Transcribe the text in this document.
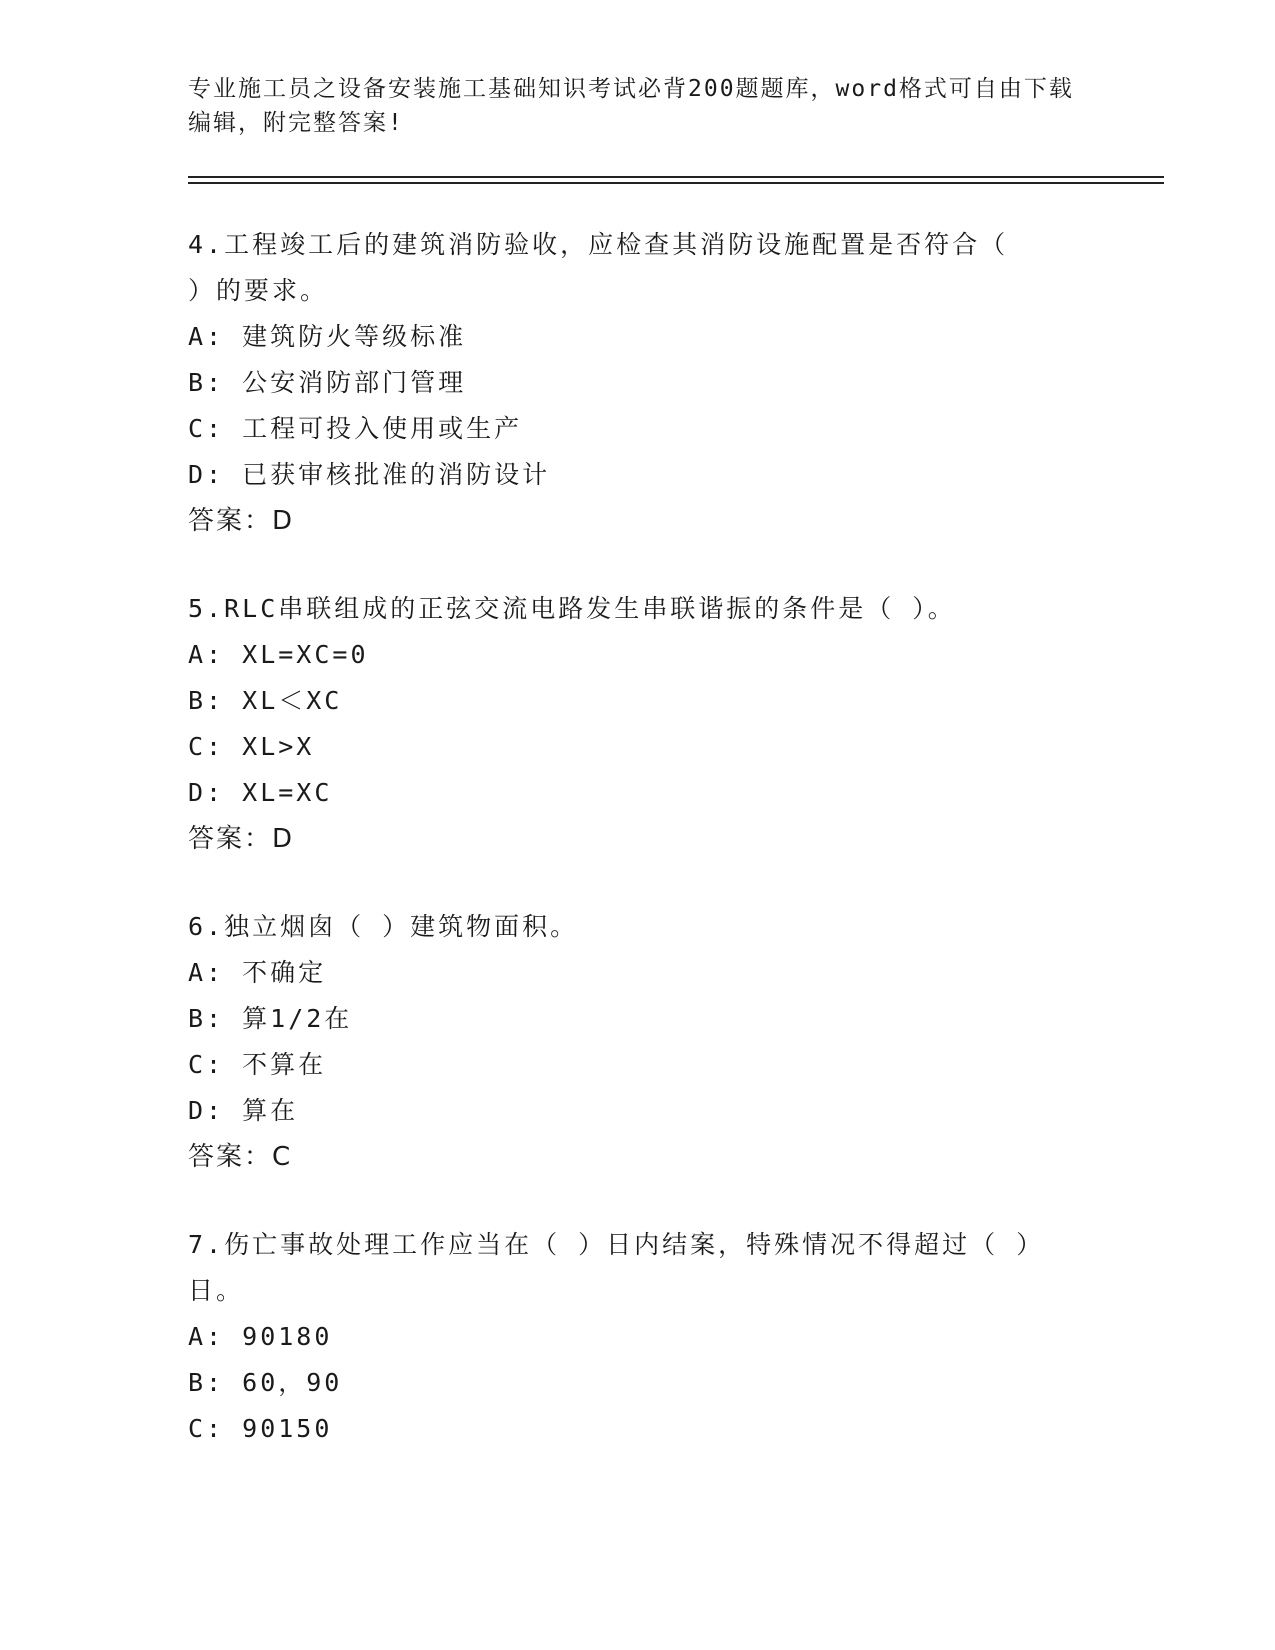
专业施工员之设备安装施工基础知识考试必背200题题库，word格式可自由下载
编辑，附完整答案!
4.工程竣工后的建筑消防验收，应检查其消防设施配置是否符合（ ）的要求。
A: 建筑防火等级标准
B: 公安消防部门管理
C: 工程可投入使用或生产
D: 已获审核批准的消防设计
答案：D
5.RLC串联组成的正弦交流电路发生串联谐振的条件是（ ）。
A: XL=XC=0
B: XL＜XC
C: XL>X
D: XL=XC
答案：D
6.独立烟囱（ ）建筑物面积。
A: 不确定
B: 算1/2在
C: 不算在
D: 算在
答案：C
7.伤亡事故处理工作应当在（ ）日内结案，特殊情况不得超过（ ）日。
A: 90180
B: 60，90
C: 90150
